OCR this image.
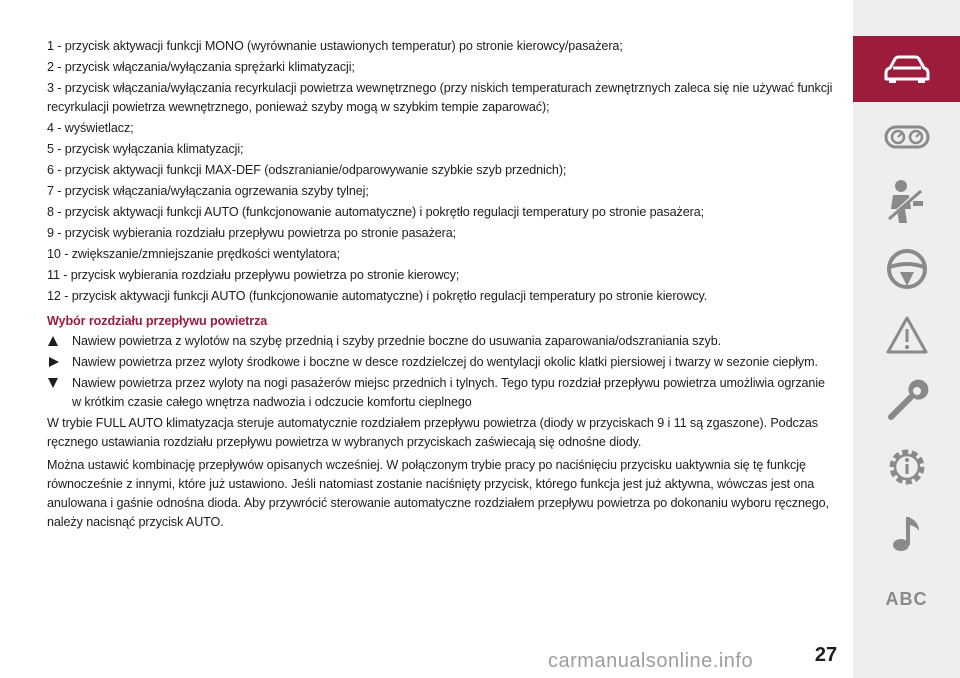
1 - przycisk aktywacji funkcji MONO (wyrównanie ustawionych temperatur) po stronie kierowcy/pasażera;
2 - przycisk włączania/wyłączania sprężarki klimatyzacji;
3 - przycisk włączania/wyłączania recyrkulacji powietrza wewnętrznego (przy niskich temperaturach zewnętrznych zaleca się nie używać funkcji recyrkulacji powietrza wewnętrznego, ponieważ szyby mogą w szybkim tempie zaparować);
4 - wyświetlacz;
5 - przycisk wyłączania klimatyzacji;
6 - przycisk aktywacji funkcji MAX-DEF (odszranianie/odparowywanie szybkie szyb przednich);
7 - przycisk włączania/wyłączania ogrzewania szyby tylnej;
8 - przycisk aktywacji funkcji AUTO (funkcjonowanie automatyczne) i pokrętło regulacji temperatury po stronie pasażera;
9 - przycisk wybierania rozdziału przepływu powietrza po stronie pasażera;
10 - zwiększanie/zmniejszanie prędkości wentylatora;
11 - przycisk wybierania rozdziału przepływu powietrza po stronie kierowcy;
12 - przycisk aktywacji funkcji AUTO (funkcjonowanie automatyczne) i pokrętło regulacji temperatury po stronie kierowcy.
Wybór rozdziału przepływu powietrza
Nawiew powietrza z wylotów na szybę przednią i szyby przednie boczne do usuwania zaparowania/odszraniania szyb.
Nawiew powietrza przez wyloty środkowe i boczne w desce rozdzielczej do wentylacji okolic klatki piersiowej i twarzy w sezonie ciepłym.
Nawiew powietrza przez wyloty na nogi pasażerów miejsc przednich i tylnych. Tego typu rozdział przepływu powietrza umożliwia ogrzanie w krótkim czasie całego wnętrza nadwozia i odczucie komfortu cieplnego
W trybie FULL AUTO klimatyzacja steruje automatycznie rozdziałem przepływu powietrza (diody w przyciskach 9 i 11 są zgaszone). Podczas ręcznego ustawiania rozdziału przepływu powietrza w wybranych przyciskach zaświecają się odnośne diody.
Można ustawić kombinację przepływów opisanych wcześniej. W połączonym trybie pracy po naciśnięciu przycisku uaktywnia się tę funkcję równocześnie z innymi, które już ustawiono. Jeśli natomiast zostanie naciśnięty przycisk, którego funkcja jest już aktywna, wówczas jest ona anulowana i gaśnie odnośna dioda. Aby przywrócić sterowanie automatyczne rozdziałem przepływu powietrza po dokonaniu wyboru ręcznego, należy nacisnąć przycisk AUTO.
ABC
carmanualsonline.info	27
